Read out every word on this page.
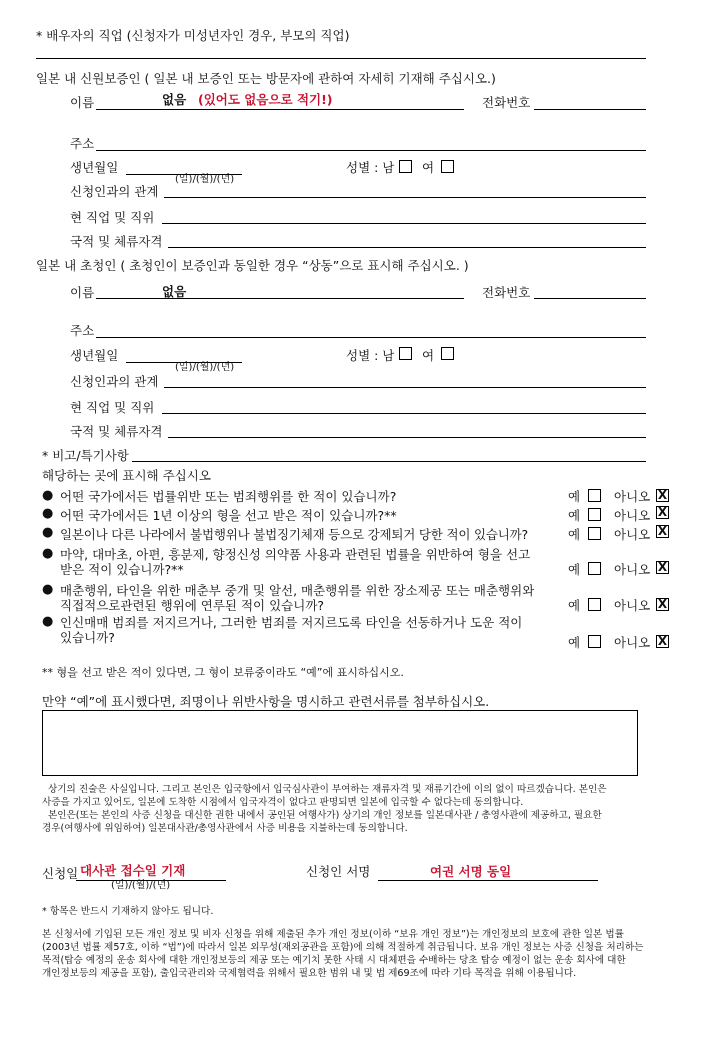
* 배우자의 직업 (신청자가 미성년자인 경우, 부모의 직업)
일본 내 신원보증인 ( 일본 내 보증인 또는 방문자에 관하여 자세히 기재해 주십시오.)
이름	없음 (있어도 없음으로 적기!)	전화번호
주소
생년월일
(일)/(월)/(년)
성별 : 남 여
신청인과의 관계
현 직업 및 직위
국적 및 체류자격
일본 내 초청인 ( 초청인이 보증인과 동일한 경우 “상동”으로 표시해 주십시오. )
이름	없음	전화번호
주소
생년월일
(일)/(월)/(년)
성별 : 남 여
신청인과의 관계
현 직업 및 직위
국적 및 체류자격
* 비고/특기사항
해당하는 곳에 표시해 주십시오
● 어떤 국가에서든 법률위반 또는 범죄행위를 한 적이 있습니까?	예	아니오 X
● 어떤 국가에서든 1년 이상의 형을 선고 받은 적이 있습니까?**	예	아니오 X
● 일본이나 다른 나라에서 불법행위나 불법징기체재 등으로 강제퇴거 당한 적이 있습니까?	예	아니오 X
● 마약, 대마초, 아편, 흥분제, 향정신성 의약품 사용과 관련된 법률을 위반하여 형을 선고
받은 적이 있습니까?**	예	아니오 X
● 매춘행위, 타인을 위한 매춘부 중개 및 알선, 매춘행위를 위한 장소제공 또는 매춘행위와
직접적으로관련된 행위에 연루된 적이 있습니까?	예	아니오 X
● 인신매매 범죄를 저지르거나, 그러한 범죄를 저지르도록 타인을 선동하거나 도운 적이
있습니까?	예	아니오 X
** 형을 선고 받은 적이 있다면, 그 형이 보류중이라도 “예”에 표시하십시오.
만약 “예”에 표시했다면, 죄명이나 위반사항을 명시하고 관련서류를 첨부하십시오.
상기의 진술은 사실입니다. 그리고 본인은 입국항에서 입국심사관이 부여하는 재류자격 및 재류기간에 이의 없이 따르겠습니다. 본인은
사증을 가지고 있어도, 일본에 도착한 시점에서 입국자격이 없다고 판명되면 일본에 입국할 수 없다는데 동의합니다.
본인은(또는 본인의 사증 신청을 대신한 권한 내에서 공인된 여행사가) 상기의 개인 정보를 일본대사관 / 총영사관에 제공하고, 필요한
경우(여행사에 위임하여) 일본대사관/총영사관에서 사증 비용을 지불하는데 동의합니다.
신청일 대사관 접수일 기재
(일)/(월)/(년)
신청인 서명	여권 서명 동일
* 항목은 반드시 기재하지 않아도 됩니다.
본 신청서에 기입된 모든 개인 정보 및 비자 신청을 위해 제출된 추가 개인 정보(이하 “보유 개인 정보”)는 개인정보의 보호에 관한 일본 법률
(2003년 법률 제57호, 이하 “법”)에 따라서 일본 외무성(재외공관을 포함)에 의해 적절하게 취급됩니다. 보유 개인 정보는 사증 신청을 처리하는
목적(탑승 예정의 운송 회사에 대한 개인정보등의 제공 또는 예기치 못한 사태 시 대체편을 수배하는 당초 탑승 예정이 없는 운송 회사에 대한
개인정보등의 제공을 포함), 출입국관리와 국제협력을 위해서 필요한 범위 내 및 법 제69조에 따라 기타 목적을 위해 이용됩니다.
